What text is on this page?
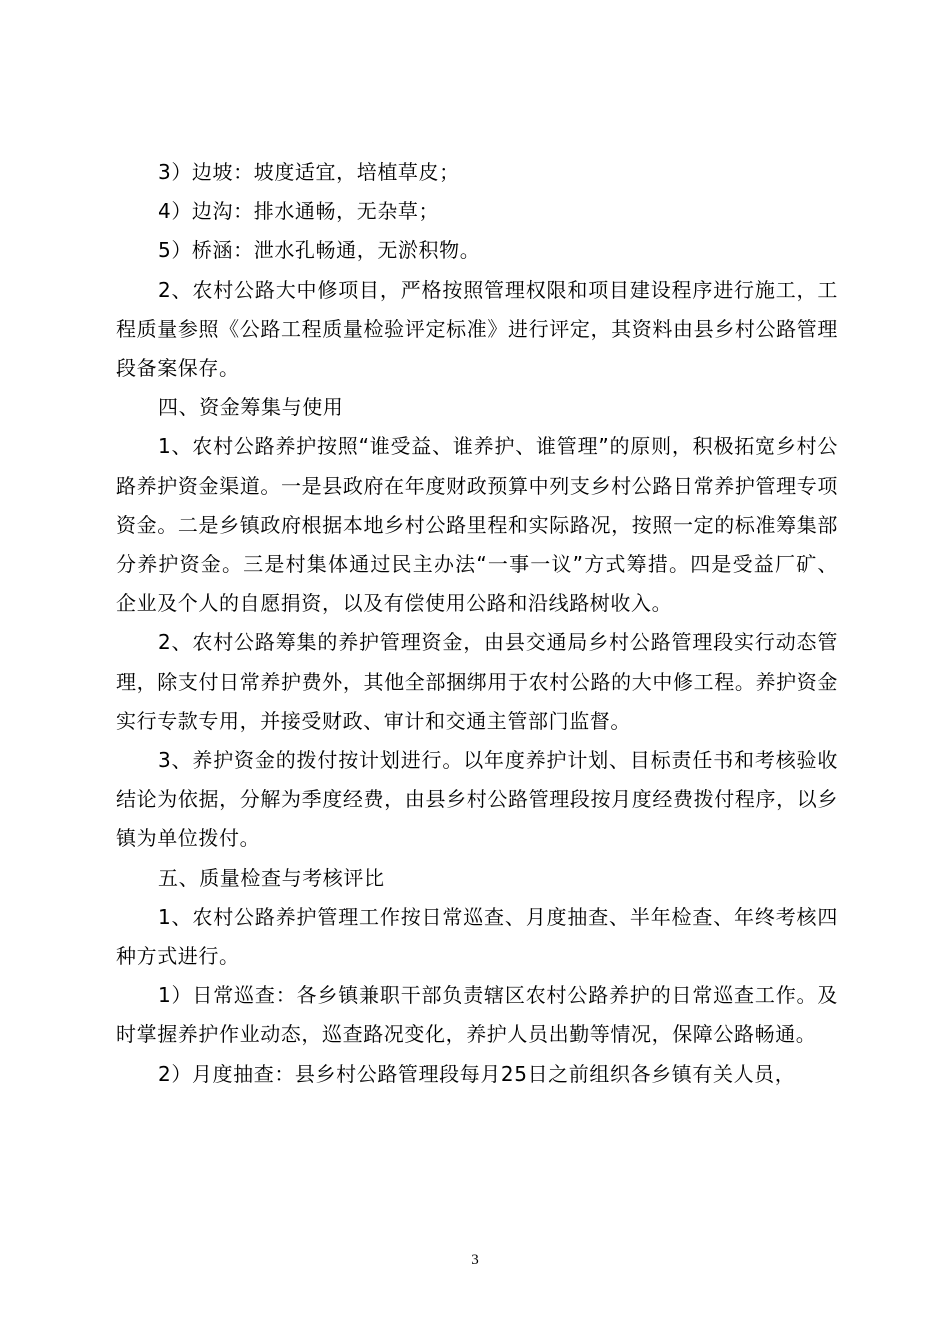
3）边坡：坡度适宜，培植草皮；

4）边沟：排水通畅，无杂草；

5）桥涵：泄水孔畅通，无淤积物。

2、农村公路大中修项目，严格按照管理权限和项目建设程序进行施工，工程质量参照《公路工程质量检验评定标准》进行评定，其资料由县乡村公路管理段备案保存。

四、资金筹集与使用

1、农村公路养护按照“谁受益、谁养护、谁管理”的原则，积极拓宽乡村公路养护资金渠道。一是县政府在年度财政预算中列支乡村公路日常养护管理专项资金。二是乡镇政府根据本地乡村公路里程和实际路况，按照一定的标准筹集部分养护资金。三是村集体通过民主办法“一事一议”方式筹措。四是受益厂矿、企业及个人的自愿捐资，以及有偿使用公路和沿线路树收入。

2、农村公路筹集的养护管理资金，由县交通局乡村公路管理段实行动态管理，除支付日常养护费外，其他全部捆绑用于农村公路的大中修工程。养护资金实行专款专用，并接受财政、审计和交通主管部门监督。

3、养护资金的拨付按计划进行。以年度养护计划、目标责任书和考核验收结论为依据，分解为季度经费，由县乡村公路管理段按月度经费拨付程序，以乡镇为单位拨付。

五、质量检查与考核评比

1、农村公路养护管理工作按日常巡查、月度抽查、半年检查、年终考核四种方式进行。

1）日常巡查：各乡镇兼职干部负责辖区农村公路养护的日常巡查工作。及时掌握养护作业动态，巡查路况变化，养护人员出勤等情况，保障公路畅通。

2）月度抽查：县乡村公路管理段每月25日之前组织各乡镇有关人员，

3
